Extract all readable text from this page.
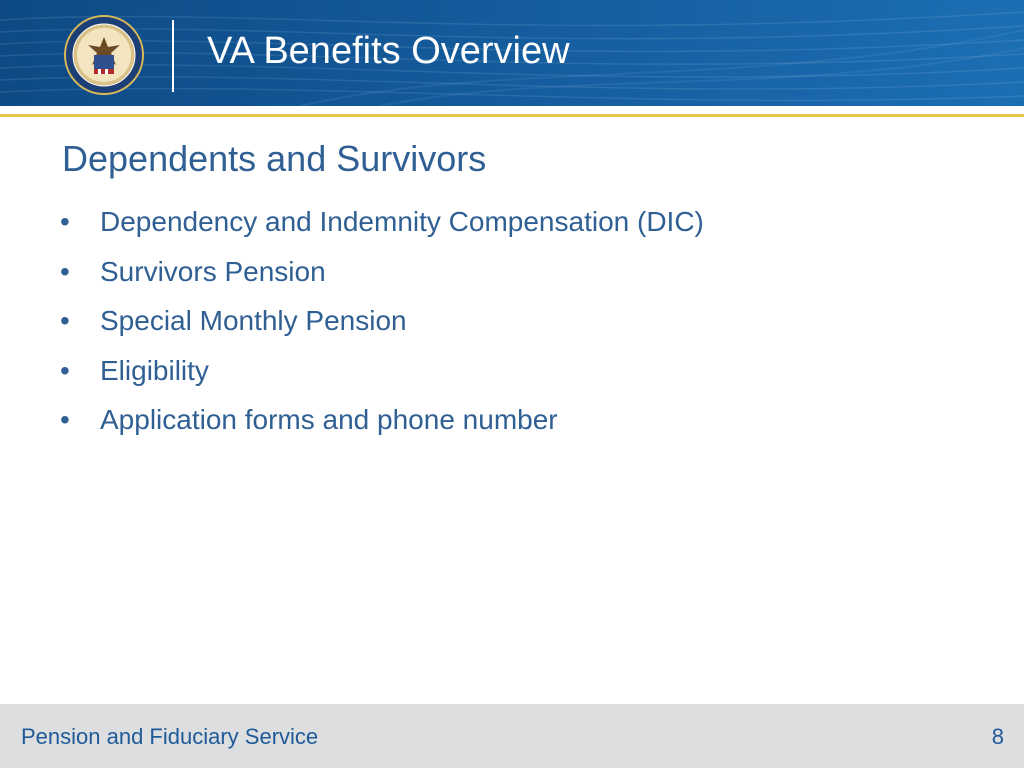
VA Benefits Overview
Dependents and Survivors
•	Dependency and Indemnity Compensation (DIC)
•	Survivors Pension
•	Special Monthly Pension
•	Eligibility
•	Application forms and phone number
Pension and Fiduciary Service	8
